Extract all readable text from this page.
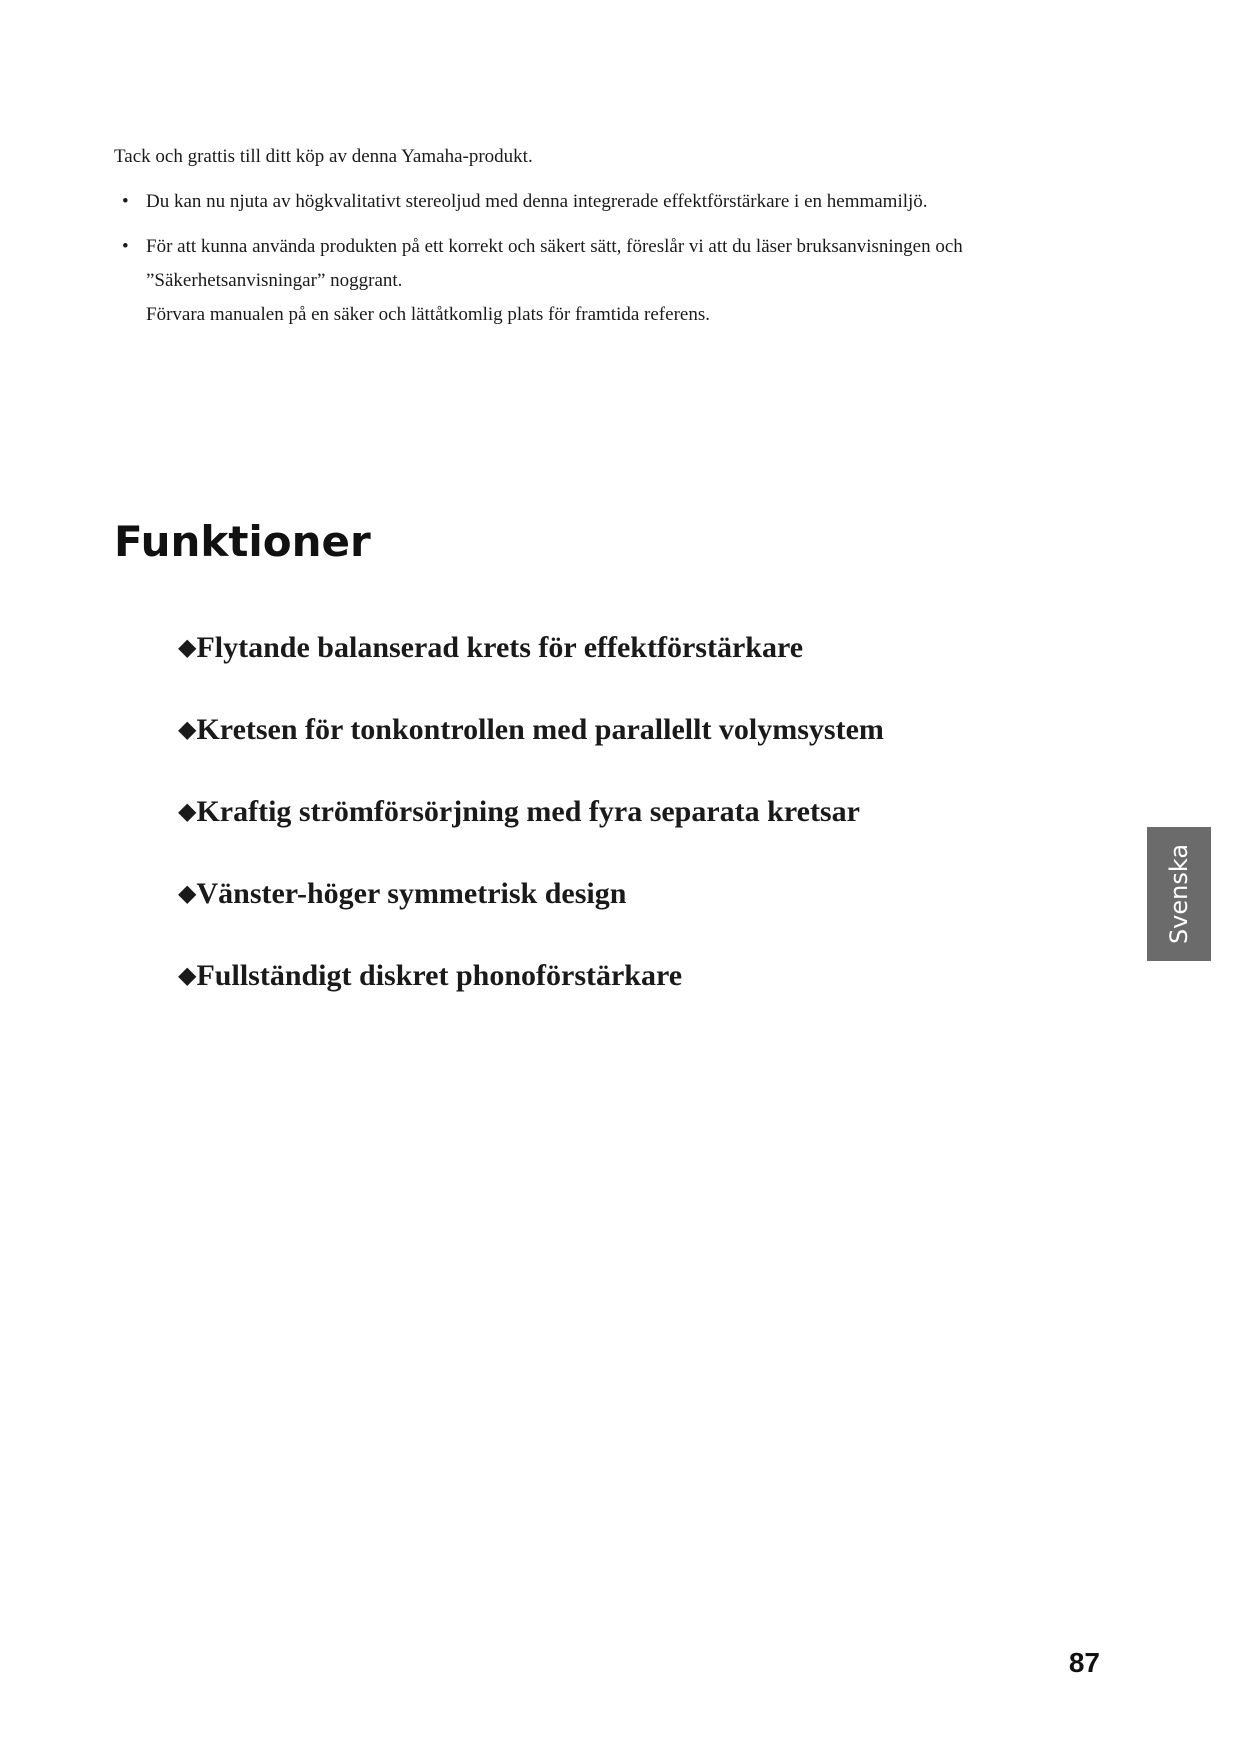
Tack och grattis till ditt köp av denna Yamaha-produkt.

• Du kan nu njuta av högkvalitativt stereoljud med denna integrerade effektförstärkare i en hemmamiljö.
• För att kunna använda produkten på ett korrekt och säkert sätt, föreslår vi att du läser bruksanvisningen och
”Säkerhetsanvisningar” noggrant.
Förvara manualen på en säker och lättåtkomlig plats för framtida referens.
Funktioner
◆Flytande balanserad krets för effektförstärkare
◆Kretsen för tonkontrollen med parallellt volymsystem
◆Kraftig strömförsörjning med fyra separata kretsar
◆Vänster-höger symmetrisk design
◆Fullständigt diskret phonoförstärkare
Svenska
87
